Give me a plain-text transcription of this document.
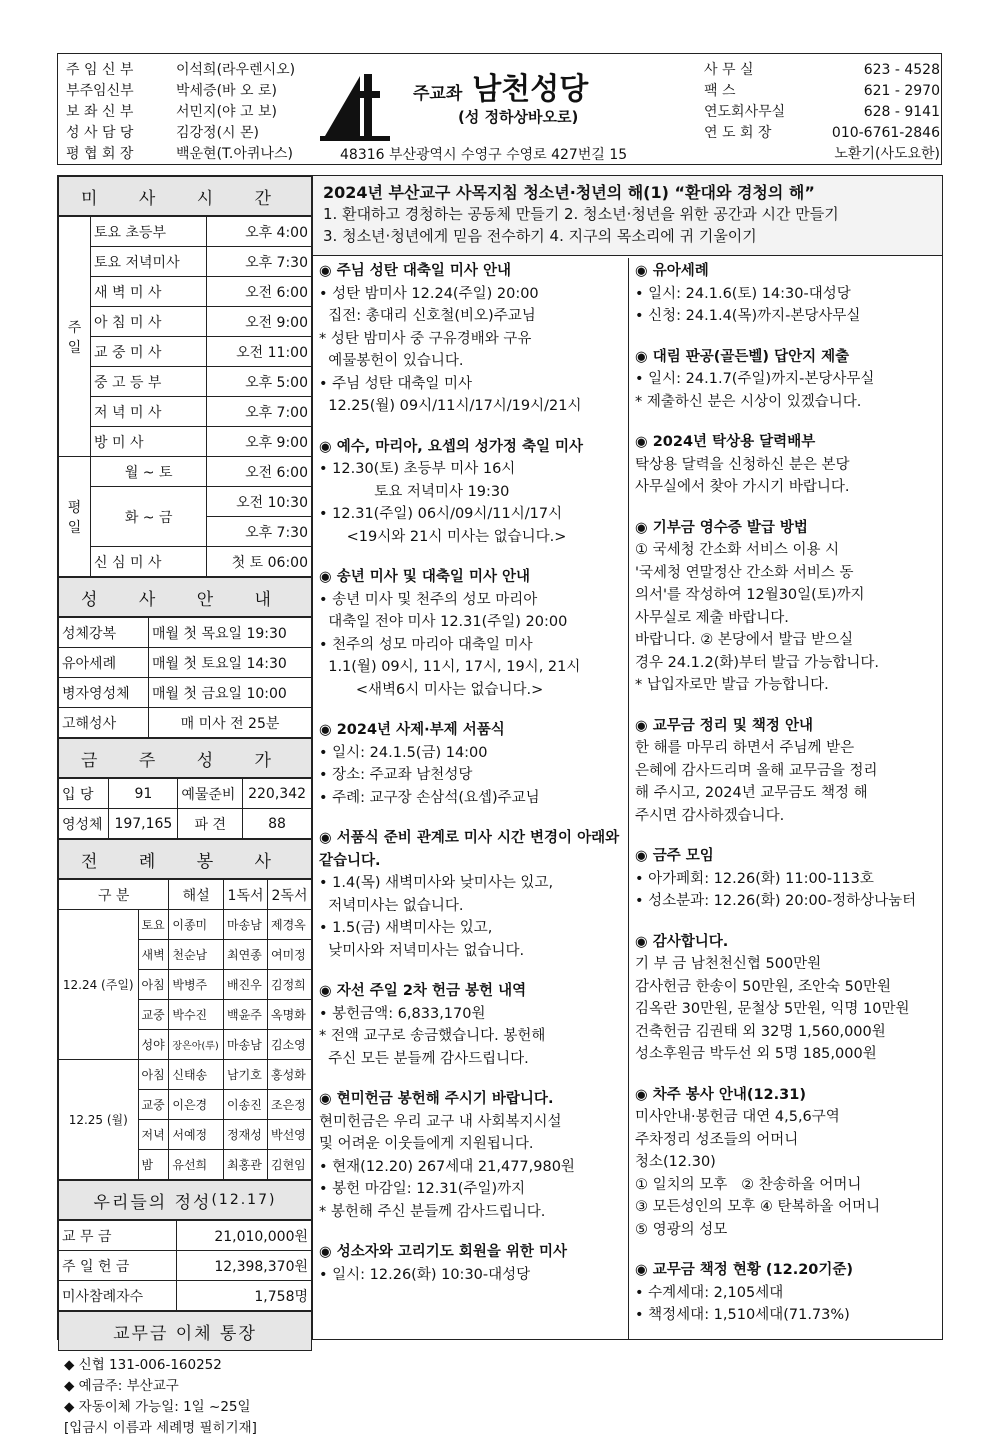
주 임 신 부	이석희(라우렌시오)
부주임신부	박세증(바 오 로)
보 좌 신 부	서민지(야 고 보)
성 사 담 당	김강정(시 몬)
평 협 회 장	백운현(T.아퀴나스)
주교좌 남천성당
(성 정하상바오로)
48316 부산광역시 수영구 수영로 427번길 15
사 무 실	623 - 4528
팩 스	621 - 2970
연도회사무실	628 - 9141
연 도 회 장	010-6761-2846
노환기(사도요한)
미 사 시 간
주일	토요 초등부	오후 4:00
	토요 저녁미사	오후 7:30
	새 벽 미 사	오전 6:00
	아 침 미 사	오전 9:00
	교 중 미 사	오전 11:00
	중 고 등 부	오후 5:00
	저 녁 미 사	오후 7:00
	방 미 사	오후 9:00
평일	월 ~ 토	오전 6:00
	화 ~ 금	오전 10:30
		오후 7:30
	신 심 미 사	첫 토 06:00
성 사 안 내
성체강복	매월 첫 목요일 19:30
유아세례	매월 첫 토요일 14:30
병자영성체	매월 첫 금요일 10:00
고해성사	매 미사 전 25분
금 주 성 가
입 당	91	예물준비	220,342
영성체	197,165	파 견	88
전 례 봉 사
구 분		해설	1독서	2독서
12.24 (주일)	토요	이종미	마송남	제경옥
	새벽	천순남	최연종	여미정
	아침	박병주	배진우	김정희
	교중	박수진	백윤주	옥명화
	성야	장은아(루)	마송남	김소영
12.25 (월)	아침	신태송	남기호	홍성화
	교중	이은경	이송진	조은정
	저녁	서예정	정재성	박선영
	밤	유선희	최홍관	김현임
우리들의 정성 (12.17)
교 무 금	21,010,000원
주 일 헌 금	12,398,370원
미사참례자수	1,758명
교무금 이체 통장
◆ 신협 131-006-160252
◆ 예금주: 부산교구
◆ 자동이체 가능일: 1일 ~25일
[입금시 이름과 세례명 필히기재]
2024년 부산교구 사목지침 청소년·청년의 해(1) “환대와 경청의 해”
1. 환대하고 경청하는 공동체 만들기 2. 청소년·청년을 위한 공간과 시간 만들기
3. 청소년·청년에게 믿음 전수하기 4. 지구의 목소리에 귀 기울이기
◉ 주님 성탄 대축일 미사 안내
• 성탄 밤미사 12.24(주일) 20:00
집전: 총대리 신호철(비오)주교님
* 성탄 밤미사 중 구유경배와 구유
예물봉헌이 있습니다.
• 주님 성탄 대축일 미사
12.25(월) 09시/11시/17시/19시/21시
◉ 예수, 마리아, 요셉의 성가정 축일 미사
• 12.30(토) 초등부 미사 16시
토요 저녁미사 19:30
• 12.31(주일) 06시/09시/11시/17시
<19시와 21시 미사는 없습니다.>
◉ 송년 미사 및 대축일 미사 안내
• 송년 미사 및 천주의 성모 마리아
대축일 전야 미사 12.31(주일) 20:00
• 천주의 성모 마리아 대축일 미사
1.1(월) 09시, 11시, 17시, 19시, 21시
<새벽6시 미사는 없습니다.>
◉ 2024년 사제·부제 서품식
• 일시: 24.1.5(금) 14:00
• 장소: 주교좌 남천성당
• 주례: 교구장 손삼석(요셉)주교님
◉ 서품식 준비 관계로 미사 시간 변경이 아래와 같습니다.
• 1.4(목) 새벽미사와 낮미사는 있고,
저녁미사는 없습니다.
• 1.5(금) 새벽미사는 있고,
낮미사와 저녁미사는 없습니다.
◉ 자선 주일 2차 헌금 봉헌 내역
• 봉헌금액: 6,833,170원
* 전액 교구로 송금했습니다. 봉헌해
주신 모든 분들께 감사드립니다.
◉ 현미헌금 봉헌해 주시기 바랍니다.
현미헌금은 우리 교구 내 사회복지시설
및 어려운 이웃들에게 지원됩니다.
• 현재(12.20) 267세대 21,477,980원
• 봉헌 마감일: 12.31(주일)까지
* 봉헌해 주신 분들께 감사드립니다.
◉ 성소자와 고리기도 회원을 위한 미사
• 일시: 12.26(화) 10:30-대성당
◉ 유아세례
• 일시: 24.1.6(토) 14:30-대성당
• 신청: 24.1.4(목)까지-본당사무실
◉ 대림 판공(골든벨) 답안지 제출
• 일시: 24.1.7(주일)까지-본당사무실
* 제출하신 분은 시상이 있겠습니다.
◉ 2024년 탁상용 달력배부
탁상용 달력을 신청하신 분은 본당
사무실에서 찾아 가시기 바랍니다.
◉ 기부금 영수증 발급 방법
① 국세청 간소화 서비스 이용 시
'국세청 연말정산 간소화 서비스 동
의서'를 작성하여 12월30일(토)까지
사무실로 제출 바랍니다.
바랍니다. ② 본당에서 발급 받으실
경우 24.1.2(화)부터 발급 가능합니다.
* 납입자로만 발급 가능합니다.
◉ 교무금 정리 및 책정 안내
한 해를 마무리 하면서 주님께 받은
은혜에 감사드리며 올해 교무금을 정리
해 주시고, 2024년 교무금도 책정 해
주시면 감사하겠습니다.
◉ 금주 모임
• 아가페회: 12.26(화) 11:00-113호
• 성소분과: 12.26(화) 20:00-정하상나눔터
◉ 감사합니다.
기 부 금 남천천신협 500만원
감사헌금 한송이 50만원, 조안숙 50만원
김옥란 30만원, 문철상 5만원, 익명 10만원
건축헌금 김권태 외 32명 1,560,000원
성소후원금 박두선 외 5명 185,000원
◉ 차주 봉사 안내(12.31)
미사안내·봉헌금 대연 4,5,6구역
주차정리 성조들의 어머니
청소(12.30)
① 일치의 모후   ② 찬송하올 어머니
③ 모든성인의 모후 ④ 탄복하올 어머니
⑤ 영광의 성모
◉ 교무금 책정 현황 (12.20기준)
• 수계세대: 2,105세대
• 책정세대: 1,510세대(71.73%)
